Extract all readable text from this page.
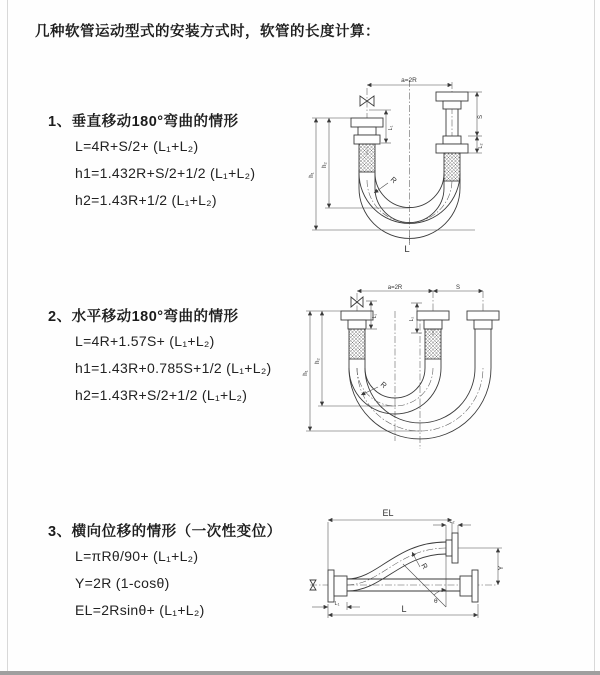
几种软管运动型式的安装方式时，软管的长度计算：
1、垂直移动180°弯曲的情形
L=4R+S/2+ (L₁+L₂)
h1=1.432R+S/2+1/2 (L₁+L₂)
h2=1.43R+1/2 (L₁+L₂)
2、水平移动180°弯曲的情形
L=4R+1.57S+ (L₁+L₂)
h1=1.43R+0.785S+1/2 (L₁+L₂)
h2=1.43R+S/2+1/2 (L₁+L₂)
3、横向位移的情形（一次性变位）
L=πRθ/90+ (L₁+L₂)
Y=2R (1-cosθ)
EL=2Rsinθ+ (L₁+L₂)
a=2R
S
L₂
L₁
h₂
h₁	R
L
a=2R	S
L₁
L₂
h₂
h₁
R
θ
EL
L₂
Y
R
L
L₁
